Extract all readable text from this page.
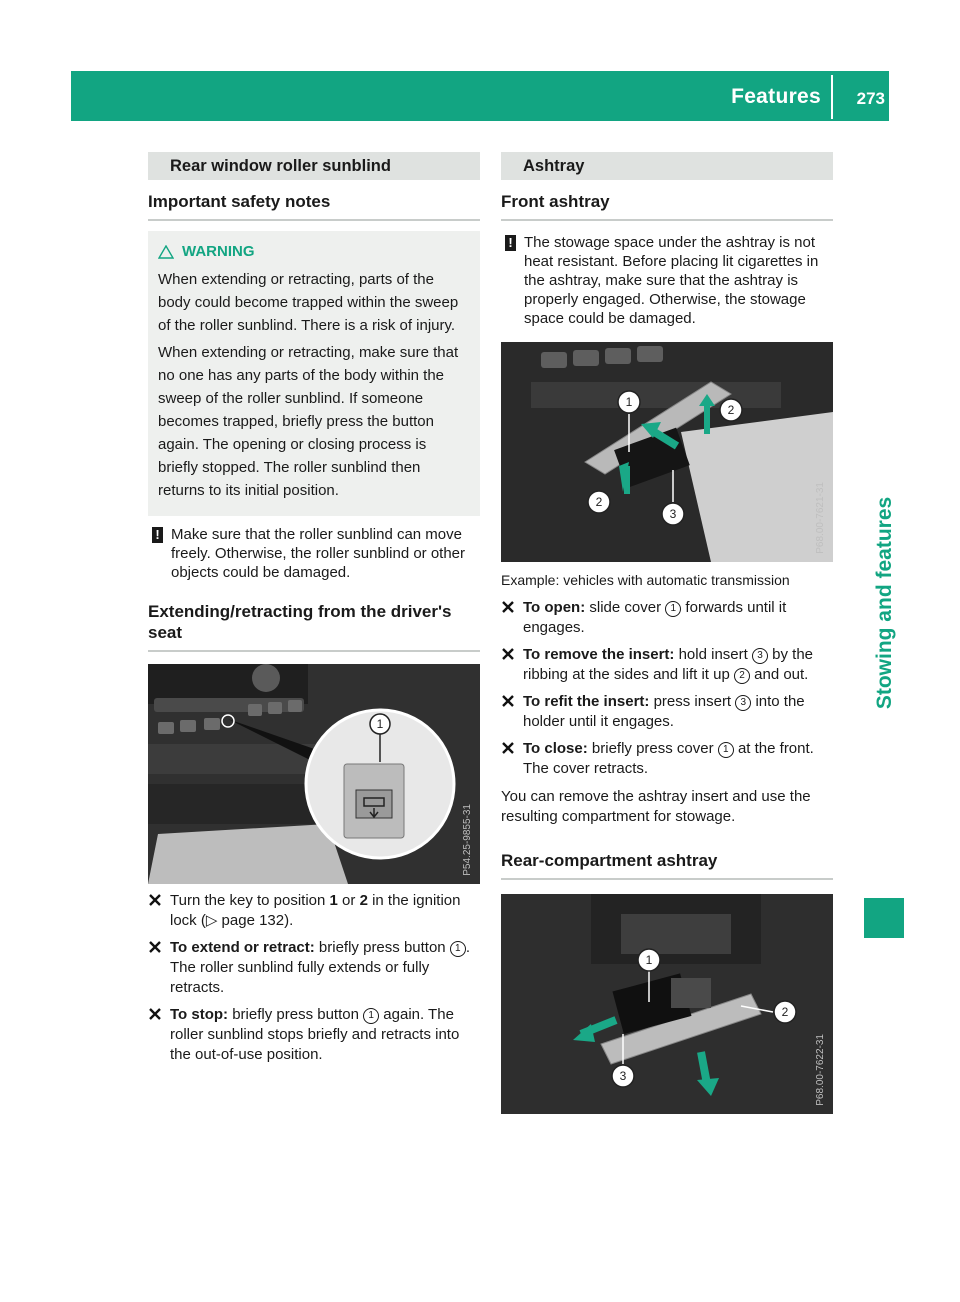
Features 273
Stowing and features
Rear window roller sunblind
Important safety notes
WARNING

When extending or retracting, parts of the body could become trapped within the sweep of the roller sunblind. There is a risk of injury.

When extending or retracting, make sure that no one has any parts of the body within the sweep of the roller sunblind. If someone becomes trapped, briefly press the button again. The opening or closing process is briefly stopped. The roller sunblind then returns to its initial position.

! Make sure that the roller sunblind can move freely. Otherwise, the roller sunblind or other objects could be damaged.

Extending/retracting from the driver's seat
1
P54.25-9855-31

Turn the key to position 1 or 2 in the ignition lock (▷ page 132).

To extend or retract: briefly press button 1 . The roller sunblind fully extends or fully retracts.

To stop: briefly press button 1 again. The roller sunblind stops briefly and retracts into the out-of-use position.

Ashtray
Front ashtray
! The stowage space under the ashtray is not heat resistant. Before placing lit cigarettes in the ashtray, make sure that the ashtray is properly engaged. Otherwise, the stowage space could be damaged.

1
2
2
3	P68.00-7621-31
Example: vehicles with automatic transmission

To open: slide cover 1 forwards until it engages.

To remove the insert: hold insert 3 by the ribbing at the sides and lift it up 2 and out.

To refit the insert: press insert 3 into the holder until it engages.

To close: briefly press cover 1 at the front. The cover retracts.

You can remove the ashtray insert and use the resulting compartment for stowage.

Rear-compartment ashtray
1
2
3	P68.00-7622-31
